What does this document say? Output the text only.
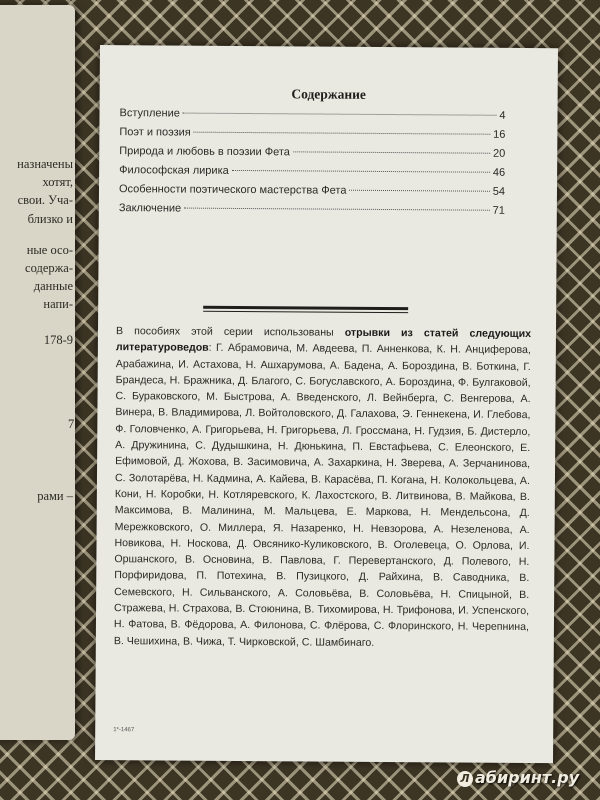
назначены
хотят,
свои. Уча-
близко и
ные осо-
содержа-
данные
напи-
178-9
7.
рами –
Содержание
Вступление	4
Поэт и поэзия	16
Природа и любовь в поэзии Фета	20
Философская лирика	46
Особенности поэтического мастерства Фета	54
Заключение	71
В пособиях этой серии использованы отрывки из статей следующих литературоведов: Г. Абрамовича, М. Авдеева, П. Анненкова, К. Н. Анциферова, Арабажина, И. Астахова, Н. Ашхарумова, А. Бадена, А. Бороздина, В. Боткина, Г. Брандеса, Н. Бражника, Д. Благого, С. Богуславского, А. Бороздина, Ф. Булгаковой, С. Бураковского, М. Быстрова, А. Введенского, Л. Вейнберга, С. Венгерова, А. Винера, В. Владимирова, Л. Войтоловского, Д. Галахова, Э. Геннекена, И. Глебова, Ф. Головченко, А. Григорьева, Н. Григорьева, Л. Гроссмана, Н. Гудзия, Б. Дистерло, А. Дружинина, С. Дудышкина, Н. Дюнькина, П. Евстафьева, С. Елеонского, Е. Ефимовой, Д. Жохова, В. Засимовича, А. Захаркина, Н. Зверева, А. Зерчанинова, С. Золотарёва, Н. Кадмина, А. Кайева, В. Карасёва, П. Когана, Н. Колокольцева, А. Кони, Н. Коробки, Н. Котляревского, К. Лахостского, В. Литвинова, В. Майкова, В. Максимова, В. Малинина, М. Мальцева, Е. Маркова, Н. Мендельсона, Д. Мережковского, О. Миллера, Я. Назаренко, Н. Невзорова, А. Незеленова, А. Новикова, Н. Носкова, Д. Овсянико-Куликовского, В. Оголевеца, О. Орлова, И. Оршанского, В. Основина, В. Павлова, Г. Перевертанского, Д. Полевого, Н. Порфиридова, П. Потехина, В. Пузицкого, Д. Райхина, В. Саводника, В. Семевского, Н. Сильванского, А. Соловьёва, В. Соловьёва, Н. Спицыной, В. Стражева, Н. Страхова, В. Стоюнина, В. Тихомирова, Н. Трифонова, И. Успенского, Н. Фатова, В. Фёдорова, А. Филонова, С. Флёрова, С. Флоринского, Н. Черепнина, В. Чешихина, В. Чижа, Т. Чирковской, С. Шамбинаго.
1*-1467
Л абиринт.ру
